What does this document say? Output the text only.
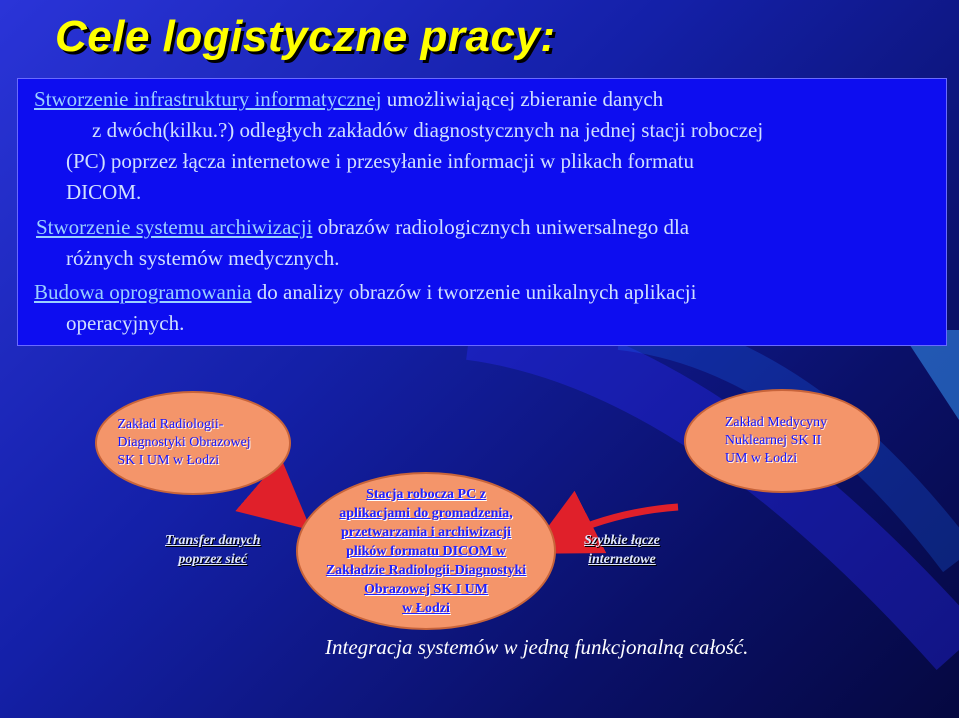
Cele logistyczne pracy:

Stworzenie infrastruktury informatycznej umożliwiającej zbieranie danych
z dwóch(kilku.?) odległych zakładów diagnostycznych na jednej stacji roboczej
(PC) poprzez łącza internetowe i przesyłanie informacji w plikach formatu
DICOM.

Stworzenie systemu archiwizacji obrazów radiologicznych uniwersalnego dla
różnych systemów medycznych.

Budowa oprogramowania do analizy obrazów i tworzenie unikalnych aplikacji
operacyjnych.

Zakład Radiologii-
Diagnostyki Obrazowej
SK I UM w Łodzi
Zakład Medycyny
Nuklearnej SK II
UM w Łodzi
Stacja robocza PC z
aplikacjami do gromadzenia,
przetwarzania i archiwizacji
plików formatu DICOM w
Zakładzie Radiologii-Diagnostyki
Obrazowej SK I UM
w Łodzi
Transfer danych
poprzez sieć
Szybkie łącze
internetowe

Integracja systemów w jedną funkcjonalną całość.
